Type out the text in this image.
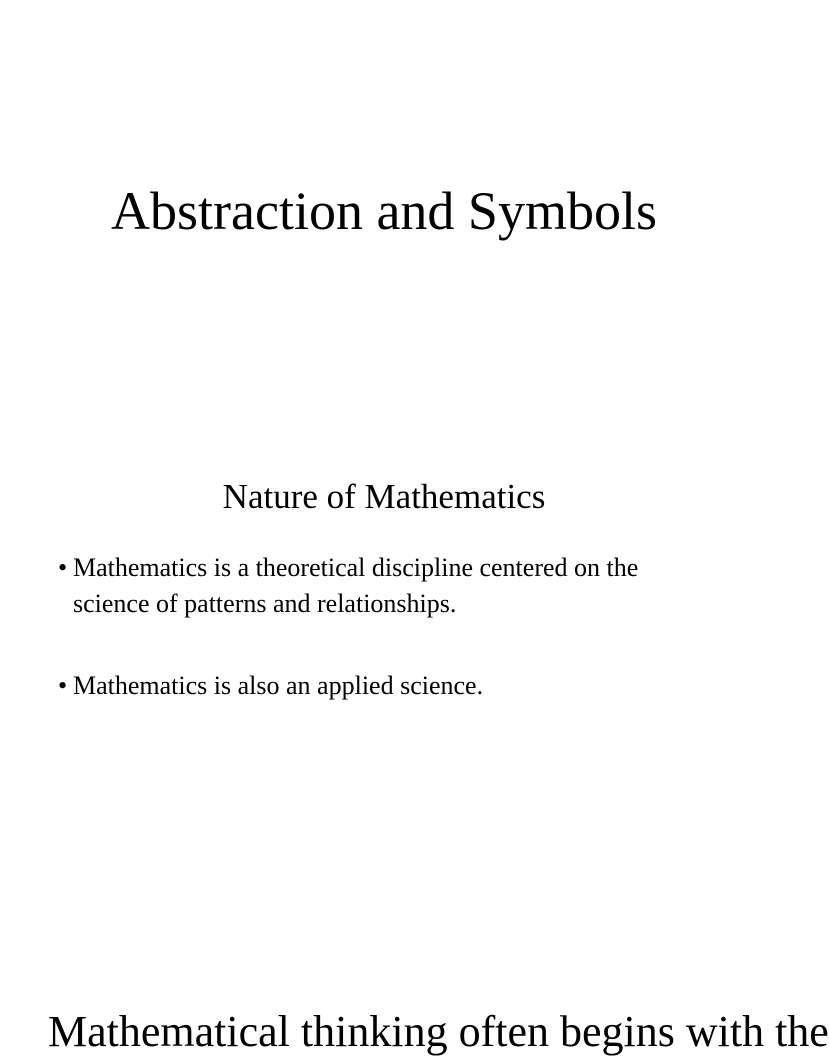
Abstraction and Symbols
Nature of Mathematics
• Mathematics is a theoretical discipline centered on the science of patterns and relationships.
• Mathematics is also an applied science.
Mathematical thinking often begins with the
